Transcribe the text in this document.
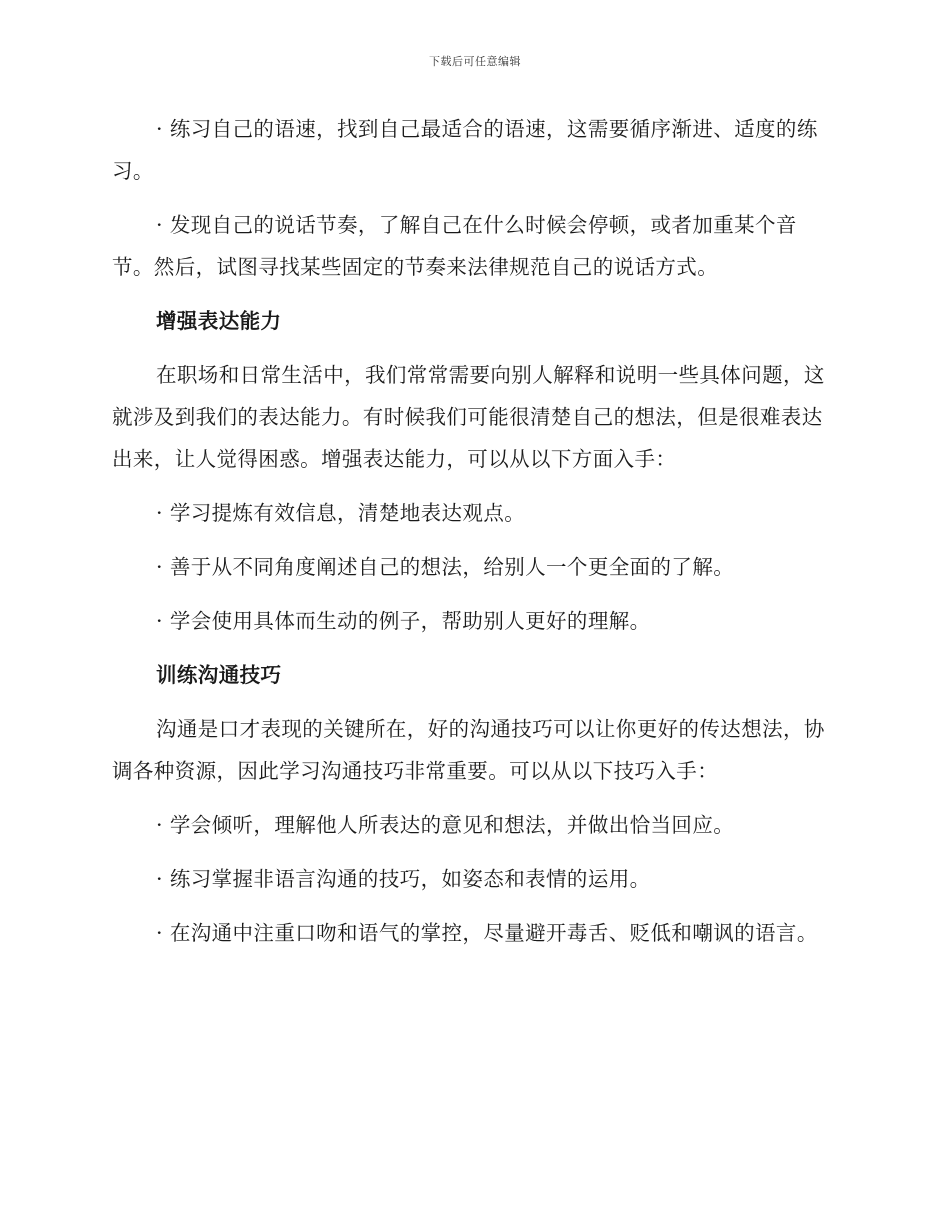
下载后可任意编辑

· 练习自己的语速，找到自己最适合的语速，这需要循序渐进、适度的练习。

· 发现自己的说话节奏，了解自己在什么时候会停顿，或者加重某个音节。然后，试图寻找某些固定的节奏来法律规范自己的说话方式。

增强表达能力

在职场和日常生活中，我们常常需要向别人解释和说明一些具体问题，这就涉及到我们的表达能力。有时候我们可能很清楚自己的想法，但是很难表达出来，让人觉得困惑。增强表达能力，可以从以下方面入手：

· 学习提炼有效信息，清楚地表达观点。

· 善于从不同角度阐述自己的想法，给别人一个更全面的了解。

· 学会使用具体而生动的例子，帮助别人更好的理解。

训练沟通技巧

沟通是口才表现的关键所在，好的沟通技巧可以让你更好的传达想法，协调各种资源，因此学习沟通技巧非常重要。可以从以下技巧入手：

· 学会倾听，理解他人所表达的意见和想法，并做出恰当回应。

· 练习掌握非语言沟通的技巧，如姿态和表情的运用。

· 在沟通中注重口吻和语气的掌控，尽量避开毒舌、贬低和嘲讽的语言。
